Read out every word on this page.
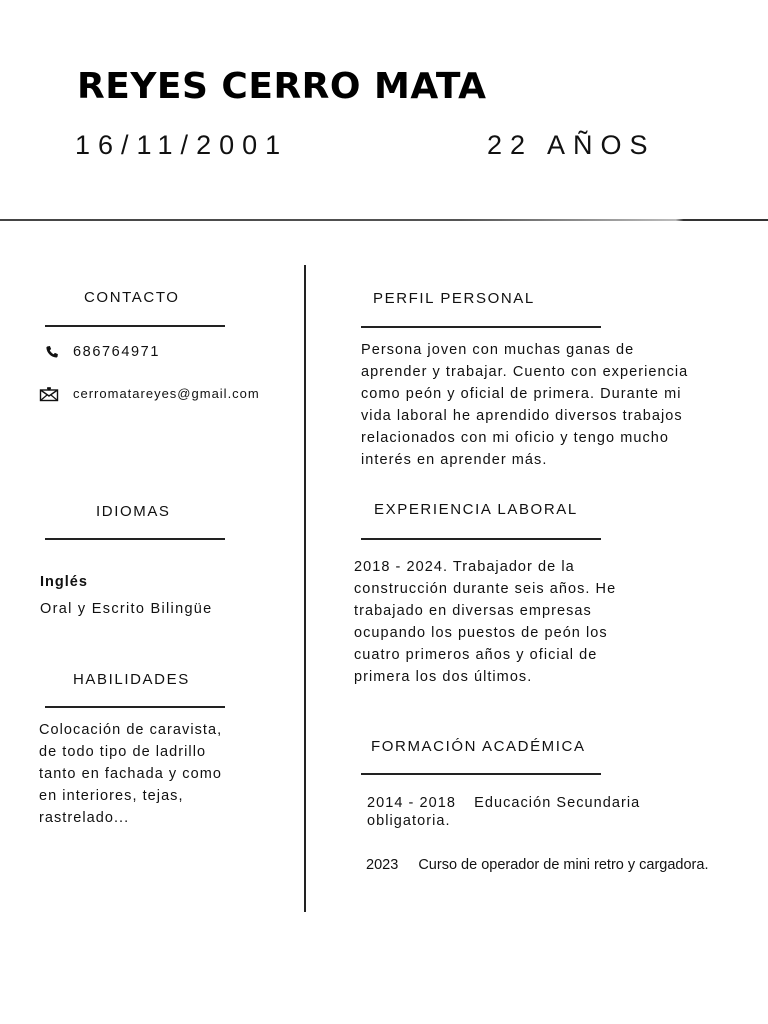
REYES CERRO MATA
16/11/2001	22 AÑOS
CONTACTO
686764971
cerromatareyes@gmail.com
IDIOMAS
Inglés
Oral y Escrito Bilingüe
HABILIDADES
Colocación de caravista,
de todo tipo de ladrillo
tanto en fachada y como
en interiores, tejas,
rastrelado...
PERFIL PERSONAL
Persona joven con muchas ganas de
aprender y trabajar. Cuento con experiencia
como peón y oficial de primera. Durante mi
vida laboral he aprendido diversos trabajos
relacionados con mi oficio y tengo mucho
interés en aprender más.
EXPERIENCIA LABORAL
2018 - 2024. Trabajador de la
construcción durante seis años. He
trabajado en diversas empresas
ocupando los puestos de peón los
cuatro primeros años y oficial de
primera los dos últimos.
FORMACIÓN ACADÉMICA
2014 - 2018 Educación Secundaria
obligatoria.
2023 Curso de operador de mini retro y cargadora.
